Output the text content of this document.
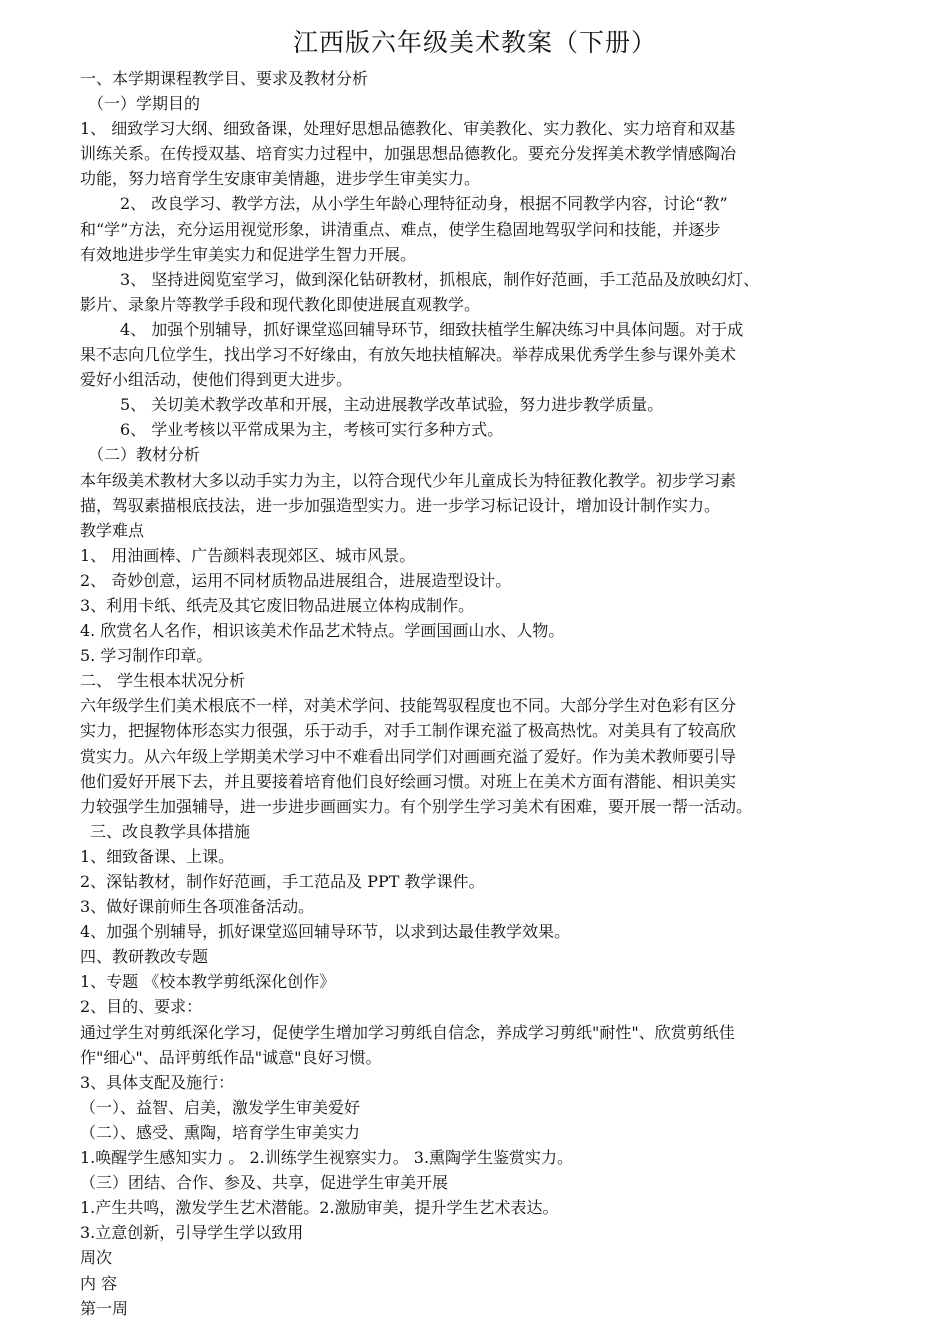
江西版六年级美术教案（下册）
一、本学期课程教学目、要求及教材分析
（一）学期目的
1、 细致学习大纲、细致备课，处理好思想品德教化、审美教化、实力教化、实力培育和双基
训练关系。在传授双基、培育实力过程中，加强思想品德教化。要充分发挥美术教学情感陶冶
功能，努力培育学生安康审美情趣，进步学生审美实力。
2、 改良学习、教学方法，从小学生年龄心理特征动身，根据不同教学内容，讨论“教”
和“学”方法，充分运用视觉形象，讲清重点、难点，使学生稳固地驾驭学问和技能，并逐步
有效地进步学生审美实力和促进学生智力开展。
3、 坚持进阅览室学习，做到深化钻研教材，抓根底，制作好范画，手工范品及放映幻灯、
影片、录象片等教学手段和现代教化即使进展直观教学。
4、 加强个别辅导，抓好课堂巡回辅导环节，细致扶植学生解决练习中具体问题。对于成
果不志向几位学生，找出学习不好缘由，有放矢地扶植解决。举荐成果优秀学生参与课外美术
爱好小组活动，使他们得到更大进步。
5、 关切美术教学改革和开展，主动进展教学改革试验，努力进步教学质量。
6、 学业考核以平常成果为主，考核可实行多种方式。
（二）教材分析
本年级美术教材大多以动手实力为主，以符合现代少年儿童成长为特征教化教学。初步学习素
描，驾驭素描根底技法，进一步加强造型实力。进一步学习标记设计，增加设计制作实力。
教学难点
1、 用油画棒、广告颜料表现郊区、城市风景。
2、 奇妙创意，运用不同材质物品进展组合，进展造型设计。
3、利用卡纸、纸壳及其它废旧物品进展立体构成制作。
4. 欣赏名人名作，相识该美术作品艺术特点。学画国画山水、人物。
5. 学习制作印章。
二、 学生根本状况分析
六年级学生们美术根底不一样，对美术学问、技能驾驭程度也不同。大部分学生对色彩有区分
实力，把握物体形态实力很强，乐于动手，对手工制作课充溢了极高热忱。对美具有了较高欣
赏实力。从六年级上学期美术学习中不难看出同学们对画画充溢了爱好。作为美术教师要引导
他们爱好开展下去，并且要接着培育他们良好绘画习惯。对班上在美术方面有潜能、相识美实
力较强学生加强辅导，进一步进步画画实力。有个别学生学习美术有困难，要开展一帮一活动。
三、改良教学具体措施
1、细致备课、上课。
2、深钻教材，制作好范画，手工范品及 PPT 教学课件。
3、做好课前师生各项准备活动。
4、加强个别辅导，抓好课堂巡回辅导环节，以求到达最佳教学效果。
四、教研教改专题
1、专题 《校本教学剪纸深化创作》
2、目的、要求：
通过学生对剪纸深化学习，促使学生增加学习剪纸自信念，养成学习剪纸"耐性"、欣赏剪纸佳
作"细心"、品评剪纸作品"诚意"良好习惯。
3、具体支配及施行：
（一）、益智、启美，激发学生审美爱好
（二）、感受、熏陶，培育学生审美实力
1.唤醒学生感知实力 。 2.训练学生视察实力。 3.熏陶学生鉴赏实力。
（三）团结、合作、参及、共享，促进学生审美开展
1.产生共鸣，激发学生艺术潜能。2.激励审美，提升学生艺术表达。
3.立意创新，引导学生学以致用
周次
内 容
第一周
